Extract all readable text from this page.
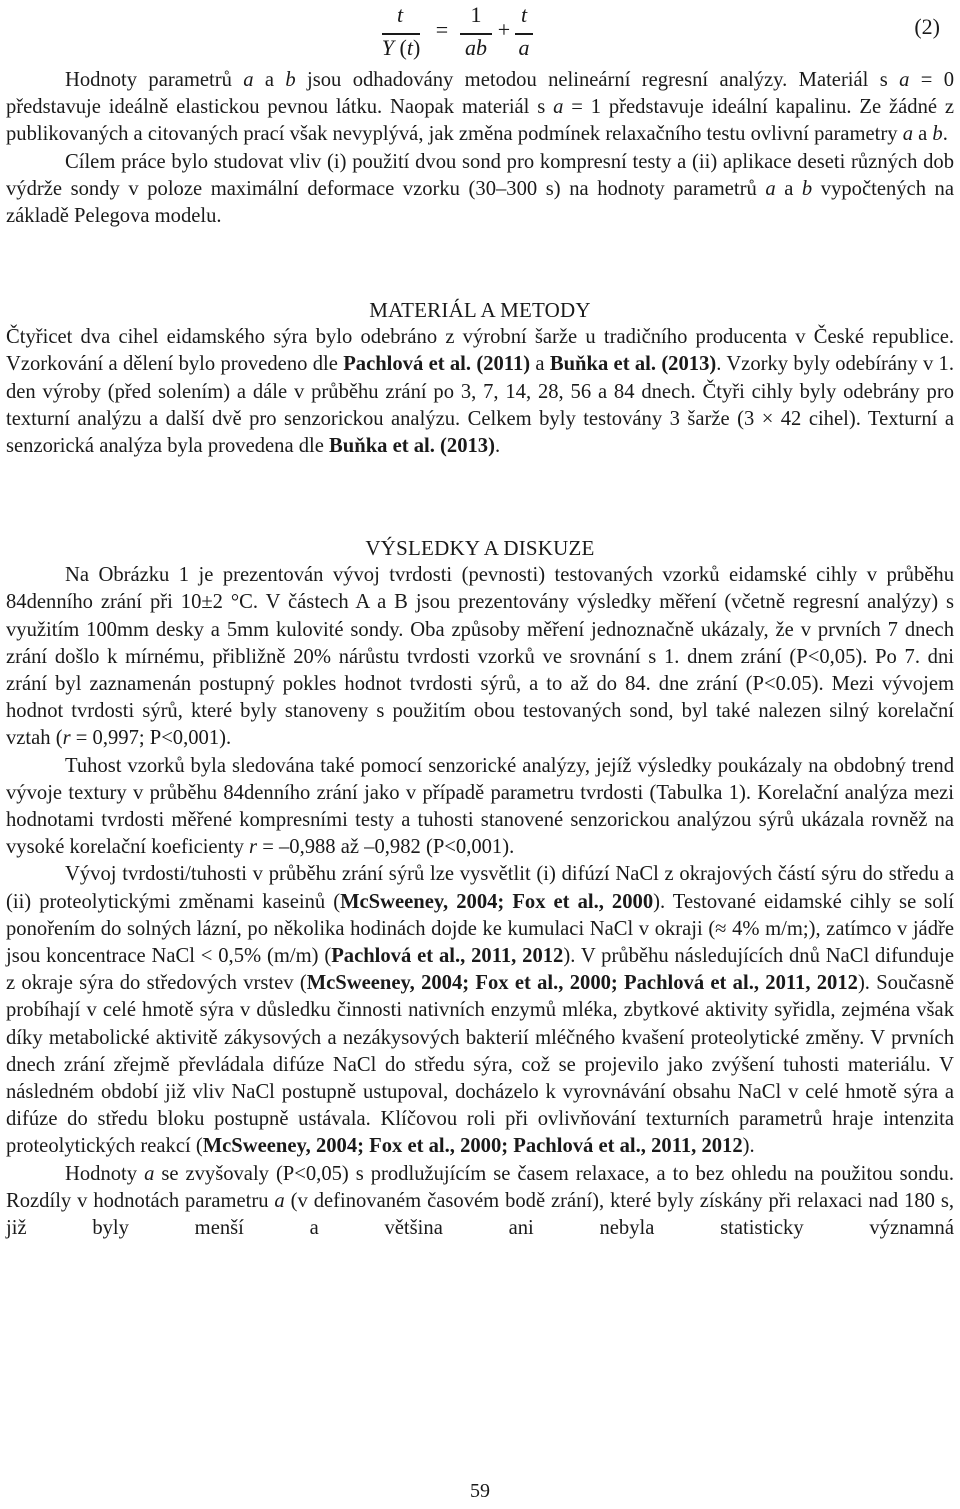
t
Y (t)
=
1
ab
+
t
a
(2)

Hodnoty parametrů a a b jsou odhadovány metodou nelineární regresní analýzy. Materiál s a = 0 představuje ideálně elastickou pevnou látku. Naopak materiál s a = 1 představuje ideální kapalinu. Ze žádné z publikovaných a citovaných prací však nevyplývá, jak změna podmínek relaxačního testu ovlivní parametry a a b.

Cílem práce bylo studovat vliv (i) použití dvou sond pro kompresní testy a (ii) aplikace deseti různých dob výdrže sondy v poloze maximální deformace vzorku (30–300 s) na hodnoty parametrů a a b vypočtených na základě Pelegova modelu.

MATERIÁL A METODY

Čtyřicet dva cihel eidamského sýra bylo odebráno z výrobní šarže u tradičního producenta v České republice. Vzorkování a dělení bylo provedeno dle Pachlová et al. (2011) a Buňka et al. (2013). Vzorky byly odebírány v 1. den výroby (před solením) a dále v průběhu zrání po 3, 7, 14, 28, 56 a 84 dnech. Čtyři cihly byly odebrány pro texturní analýzu a další dvě pro senzorickou analýzu. Celkem byly testovány 3 šarže (3 × 42 cihel). Texturní a senzorická analýza byla provedena dle Buňka et al. (2013).

VÝSLEDKY A DISKUZE

Na Obrázku 1 je prezentován vývoj tvrdosti (pevnosti) testovaných vzorků eidamské cihly v průběhu 84denního zrání při 10±2 °C. V částech A a B jsou prezentovány výsledky měření (včetně regresní analýzy) s využitím 100mm desky a 5mm kulovité sondy. Oba způsoby měření jednoznačně ukázaly, že v prvních 7 dnech zrání došlo k mírnému, přibližně 20% nárůstu tvrdosti vzorků ve srovnání s 1. dnem zrání (P<0,05). Po 7. dni zrání byl zaznamenán postupný pokles hodnot tvrdosti sýrů, a to až do 84. dne zrání (P<0.05). Mezi vývojem hodnot tvrdosti sýrů, které byly stanoveny s použitím obou testovaných sond, byl také nalezen silný korelační vztah (r = 0,997; P<0,001).

Tuhost vzorků byla sledována také pomocí senzorické analýzy, jejíž výsledky poukázaly na obdobný trend vývoje textury v průběhu 84denního zrání jako v případě parametru tvrdosti (Tabulka 1). Korelační analýza mezi hodnotami tvrdosti měřené kompresními testy a tuhosti stanovené senzorickou analýzou sýrů ukázala rovněž na vysoké korelační koeficienty r = –0,988 až –0,982 (P<0,001).

Vývoj tvrdosti/tuhosti v průběhu zrání sýrů lze vysvětlit (i) difúzí NaCl z okrajových částí sýru do středu a (ii) proteolytickými změnami kaseinů (McSweeney, 2004; Fox et al., 2000). Testované eidamské cihly se solí ponořením do solných lázní, po několika hodinách dojde ke kumulaci NaCl v okraji (≈ 4% m/m;), zatímco v jádře jsou koncentrace NaCl < 0,5% (m/m) (Pachlová et al., 2011, 2012). V průběhu následujících dnů NaCl difunduje z okraje sýra do středových vrstev (McSweeney, 2004; Fox et al., 2000; Pachlová et al., 2011, 2012). Současně probíhají v celé hmotě sýra v důsledku činnosti nativních enzymů mléka, zbytkové aktivity syřidla, zejména však díky metabolické aktivitě zákysových a nezákysových bakterií mléčného kvašení proteolytické změny. V prvních dnech zrání zřejmě převládala difúze NaCl do středu sýra, což se projevilo jako zvýšení tuhosti materiálu. V následném období již vliv NaCl postupně ustupoval, docházelo k vyrovnávání obsahu NaCl v celé hmotě sýra a difúze do středu bloku postupně ustávala. Klíčovou roli při ovlivňování texturních parametrů hraje intenzita proteolytických reakcí (McSweeney, 2004; Fox et al., 2000; Pachlová et al., 2011, 2012).

Hodnoty a se zvyšovaly (P<0,05) s prodlužujícím se časem relaxace, a to bez ohledu na použitou sondu. Rozdíly v hodnotách parametru a (v definovaném časovém bodě zrání), které byly získány při relaxaci nad 180 s, již byly menší a většina ani nebyla statisticky významná

59
